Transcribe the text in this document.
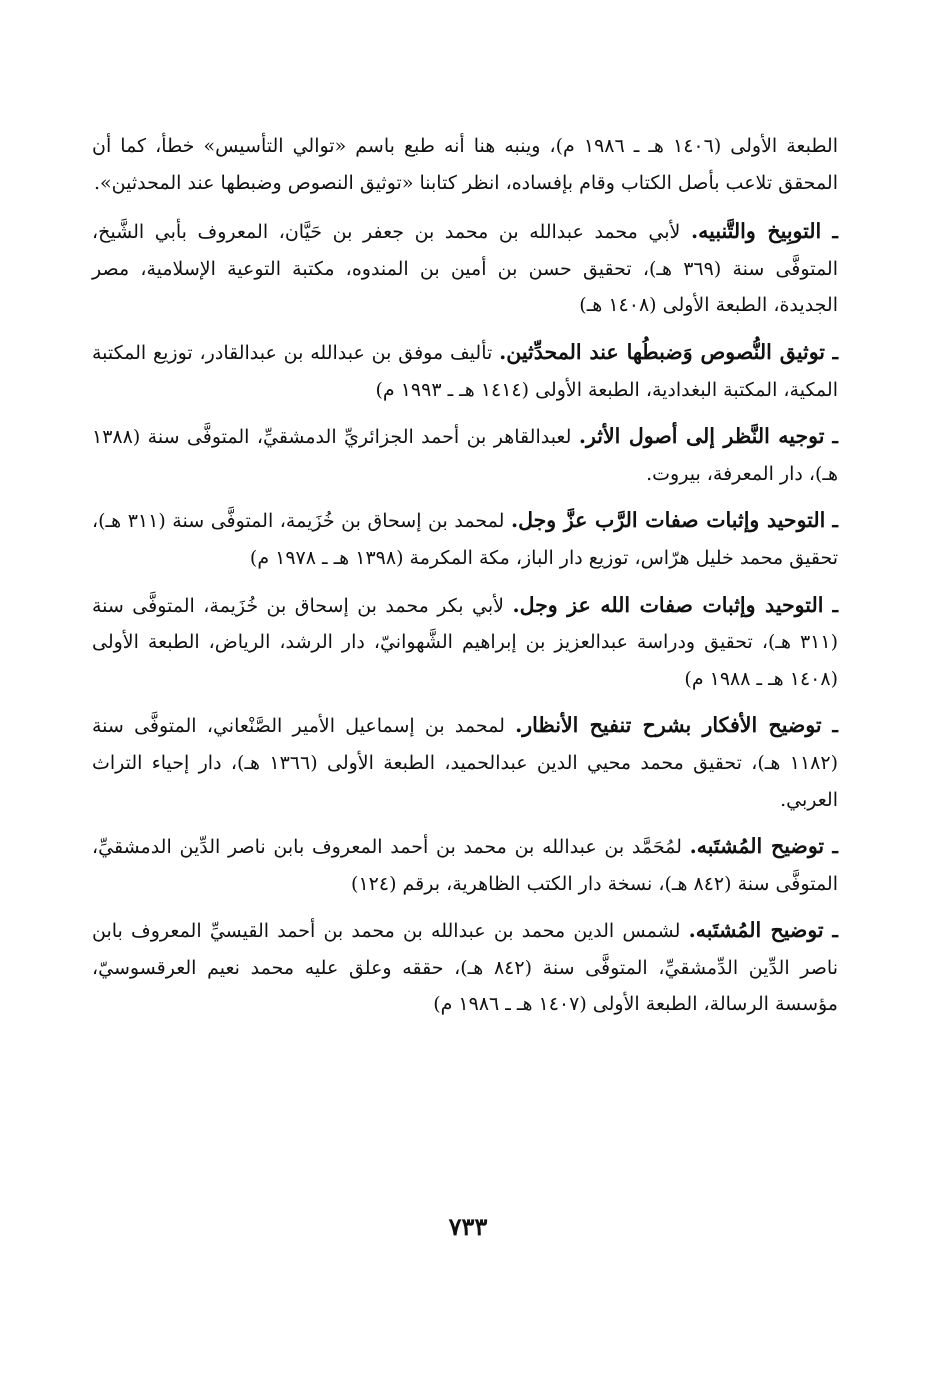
الطبعة الأولى (١٤٠٦ هـ ـ ١٩٨٦ م)، وينبه هنا أنه طبع باسم «توالي التأسيس» خطأ، كما أن المحقق تلاعب بأصل الكتاب وقام بإفساده، انظر كتابنا «توثيق النصوص وضبطها عند المحدثين».

ـ التوبِيخ والتَّنبيه. لأبي محمد عبدالله بن محمد بن جعفر بن حَيَّان، المعروف بأبي الشَّيخ، المتوفَّى سنة (٣٦٩ هـ)، تحقيق حسن بن أمين بن المندوه، مكتبة التوعية الإسلامية، مصر الجديدة، الطبعة الأولى (١٤٠٨ هـ)

ـ توثيق النُّصوص وَضبطُها عند المحدِّثين. تأليف موفق بن عبدالله بن عبدالقادر، توزيع المكتبة المكية، المكتبة البغدادية، الطبعة الأولى (١٤١٤ هـ ـ ١٩٩٣ م)

ـ توجيه النَّظر إلى أصول الأثر. لعبدالقاهر بن أحمد الجزائريِّ الدمشقيِّ، المتوفَّى سنة (١٣٨٨ هـ)، دار المعرفة، بيروت.

ـ التوحيد وإثبات صفات الرَّب عزَّ وجل. لمحمد بن إسحاق بن خُزَيمة، المتوفَّى سنة (٣١١ هـ)، تحقيق محمد خليل هرّاس، توزيع دار الباز، مكة المكرمة (١٣٩٨ هـ ـ ١٩٧٨ م)

ـ التوحيد وإثبات صفات الله عز وجل. لأبي بكر محمد بن إسحاق بن خُزَيمة، المتوفَّى سنة (٣١١ هـ)، تحقيق ودراسة عبدالعزيز بن إبراهيم الشَّهوانيّ، دار الرشد، الرياض، الطبعة الأولى (١٤٠٨ هـ ـ ١٩٨٨ م)

ـ توضيح الأفكار بشرح تنفيح الأنظار. لمحمد بن إسماعيل الأمير الصَّنْعاني، المتوفَّى سنة (١١٨٢ هـ)، تحقيق محمد محيي الدين عبدالحميد، الطبعة الأولى (١٣٦٦ هـ)، دار إحياء التراث العربي.

ـ توضيح المُشتَبه. لمُحَمَّد بن عبدالله بن محمد بن أحمد المعروف بابن ناصر الدِّين الدمشقيِّ، المتوفَّى سنة (٨٤٢ هـ)، نسخة دار الكتب الظاهرية، برقم (١٢٤)

ـ توضيح المُشتَبه. لشمس الدين محمد بن عبدالله بن محمد بن أحمد القيسيِّ المعروف بابن ناصر الدِّين الدِّمشقيِّ، المتوفَّى سنة (٨٤٢ هـ)، حققه وعلق عليه محمد نعيم العرقسوسيّ، مؤسسة الرسالة، الطبعة الأولى (١٤٠٧ هـ ـ ١٩٨٦ م)

٧٣٣
